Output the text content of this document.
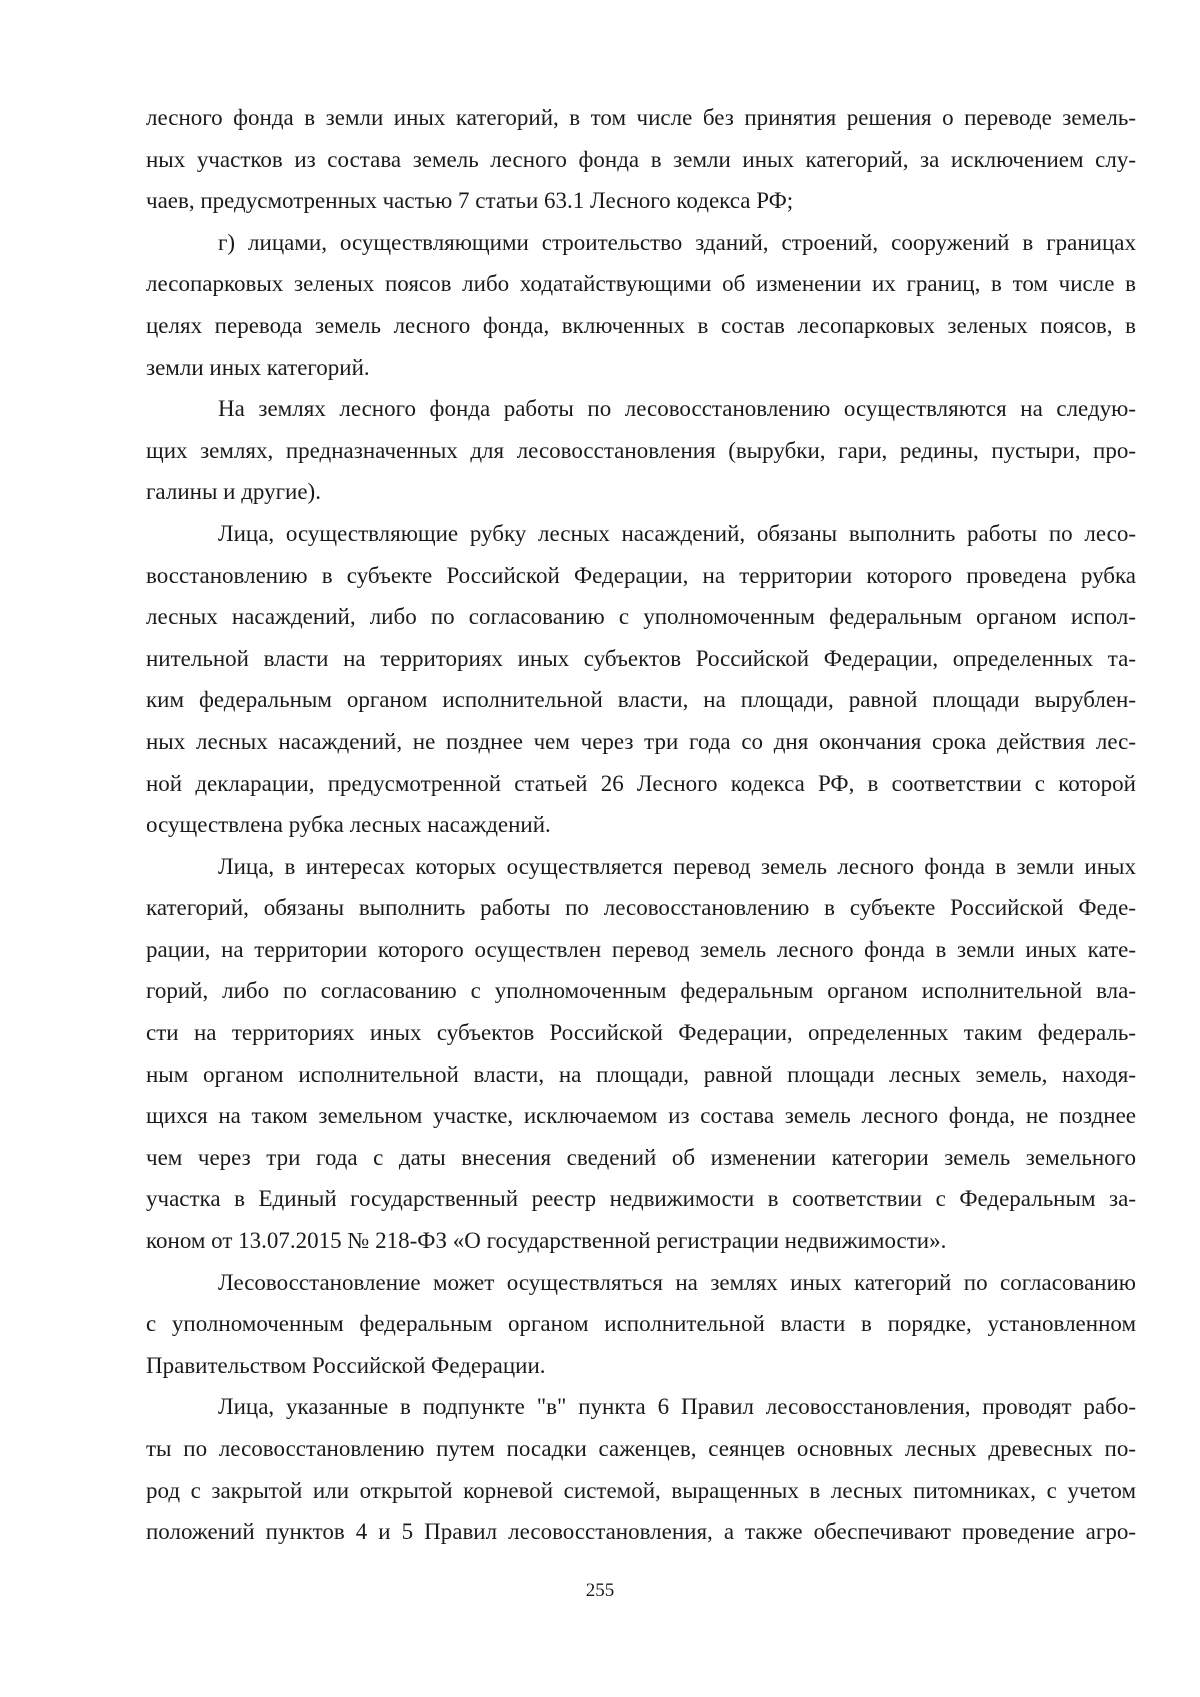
лесного фонда в земли иных категорий, в том числе без принятия решения о переводе земель-
ных участков из состава земель лесного фонда в земли иных категорий, за исключением слу-
чаев, предусмотренных частью 7 статьи 63.1 Лесного кодекса РФ;
г) лицами, осуществляющими строительство зданий, строений, сооружений в границах
лесопарковых зеленых поясов либо ходатайствующими об изменении их границ, в том числе в
целях перевода земель лесного фонда, включенных в состав лесопарковых зеленых поясов, в
земли иных категорий.
На землях лесного фонда работы по лесовосстановлению осуществляются на следую-
щих землях, предназначенных для лесовосстановления (вырубки, гари, редины, пустыри, про-
галины и другие).
Лица, осуществляющие рубку лесных насаждений, обязаны выполнить работы по лесо-
восстановлению в субъекте Российской Федерации, на территории которого проведена рубка
лесных насаждений, либо по согласованию с уполномоченным федеральным органом испол-
нительной власти на территориях иных субъектов Российской Федерации, определенных та-
ким федеральным органом исполнительной власти, на площади, равной площади вырублен-
ных лесных насаждений, не позднее чем через три года со дня окончания срока действия лес-
ной декларации, предусмотренной статьей 26 Лесного кодекса РФ, в соответствии с которой
осуществлена рубка лесных насаждений.
Лица, в интересах которых осуществляется перевод земель лесного фонда в земли иных
категорий, обязаны выполнить работы по лесовосстановлению в субъекте Российской Феде-
рации, на территории которого осуществлен перевод земель лесного фонда в земли иных кате-
горий, либо по согласованию с уполномоченным федеральным органом исполнительной вла-
сти на территориях иных субъектов Российской Федерации, определенных таким федераль-
ным органом исполнительной власти, на площади, равной площади лесных земель, находя-
щихся на таком земельном участке, исключаемом из состава земель лесного фонда, не позднее
чем через три года с даты внесения сведений об изменении категории земель земельного
участка в Единый государственный реестр недвижимости в соответствии с Федеральным за-
коном от 13.07.2015 № 218-ФЗ «О государственной регистрации недвижимости».
Лесовосстановление может осуществляться на землях иных категорий по согласованию
с уполномоченным федеральным органом исполнительной власти в порядке, установленном
Правительством Российской Федерации.
Лица, указанные в подпункте "в" пункта 6 Правил лесовосстановления, проводят рабо-
ты по лесовосстановлению путем посадки саженцев, сеянцев основных лесных древесных по-
род с закрытой или открытой корневой системой, выращенных в лесных питомниках, с учетом
положений пунктов 4 и 5 Правил лесовосстановления, а также обеспечивают проведение агро-
255
